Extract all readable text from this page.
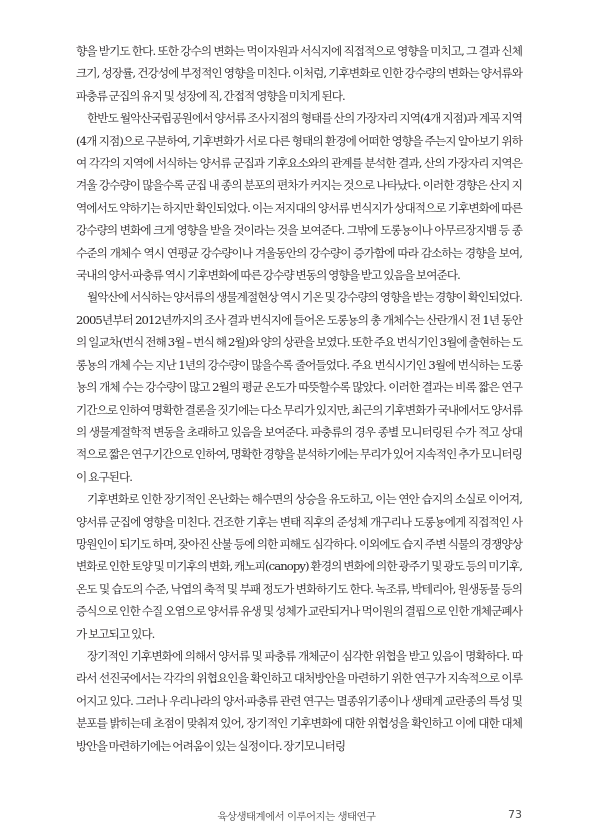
향을 받기도 한다. 또한 강수의 변화는 먹이자원과 서식지에 직접적으로 영향을 미치고, 그 결과 신체크기, 성장률, 건강성에 부정적인 영향을 미친다. 이처럼, 기후변화로 인한 강수량의 변화는 양서류와 파충류 군집의 유지 및 성장에 직, 간접적 영향을 미치게 된다.

한반도 월악산국립공원에서 양서류 조사지점의 형태를 산의 가장자리 지역(4개 지점)과 계곡 지역(4개 지점)으로 구분하여, 기후변화가 서로 다른 형태의 환경에 어떠한 영향을 주는지 알아보기 위하여 각각의 지역에 서식하는 양서류 군집과 기후요소와의 관계를 분석한 결과, 산의 가장자리 지역은 겨울 강수량이 많을수록 군집 내 종의 분포의 편차가 커지는 것으로 나타났다. 이러한 경향은 산지 지역에서도 약하기는 하지만 확인되었다. 이는 저지대의 양서류 번식지가 상대적으로 기후변화에 따른 강수량의 변화에 크게 영향을 받을 것이라는 것을 보여준다. 그밖에 도롱뇽이나 아무르장지뱀 등 종 수준의 개체수 역시 연평균 강수량이나 겨울동안의 강수량이 증가함에 따라 감소하는 경향을 보여, 국내의 양서·파충류 역시 기후변화에 따른 강수량 변동의 영향을 받고 있음을 보여준다.

월악산에 서식하는 양서류의 생물계절현상 역시 기온 및 강수량의 영향을 받는 경향이 확인되었다. 2005년부터 2012년까지의 조사 결과 번식지에 들어온 도롱뇽의 총 개체수는 산란개시 전 1년 동안의 일교차(번식 전해 3월 – 번식 해 2월)와 양의 상관을 보였다. 또한 주요 번식기인 3월에 출현하는 도롱뇽의 개체 수는 지난 1년의 강수량이 많을수록 줄어들었다. 주요 번식시기인 3월에 번식하는 도롱뇽의 개체 수는 강수량이 많고 2월의 평균 온도가 따뜻할수록 많았다. 이러한 결과는 비록 짧은 연구기간으로 인하여 명확한 결론을 짓기에는 다소 무리가 있지만, 최근의 기후변화가 국내에서도 양서류의 생물계절학적 변동을 초래하고 있음을 보여준다. 파충류의 경우 종별 모니터링된 수가 적고 상대적으로 짧은 연구기간으로 인하여, 명확한 경향을 분석하기에는 무리가 있어 지속적인 추가 모니터링이 요구된다.

기후변화로 인한 장기적인 온난화는 해수면의 상승을 유도하고, 이는 연안 습지의 소실로 이어져, 양서류 군집에 영향을 미친다. 건조한 기후는 변태 직후의 준성체 개구리나 도롱뇽에게 직접적인 사망원인이 되기도 하며, 잦아진 산불 등에 의한 피해도 심각하다. 이외에도 습지 주변 식물의 경쟁양상 변화로 인한 토양 및 미기후의 변화, 캐노피(canopy) 환경의 변화에 의한 광주기 및 광도 등의 미기후, 온도 및 습도의 수준, 낙엽의 축적 및 부패 정도가 변화하기도 한다. 녹조류, 박테리아, 원생동물 등의 증식으로 인한 수질 오염으로 양서류 유생 및 성체가 교란되거나 먹이원의 결핍으로 인한 개체군폐사가 보고되고 있다.

장기적인 기후변화에 의해서 양서류 및 파충류 개체군이 심각한 위협을 받고 있음이 명확하다. 따라서 선진국에서는 각각의 위협요인을 확인하고 대처방안을 마련하기 위한 연구가 지속적으로 이루어지고 있다. 그러나 우리나라의 양서·파충류 관련 연구는 멸종위기종이나 생태계 교란종의 특성 및 분포를 밝히는데 초점이 맞춰져 있어, 장기적인 기후변화에 대한 위협성을 확인하고 이에 대한 대체방안을 마련하기에는 어려움이 있는 실정이다. 장기모니터링

육상생태계에서 이루어지는 생태연구	73
